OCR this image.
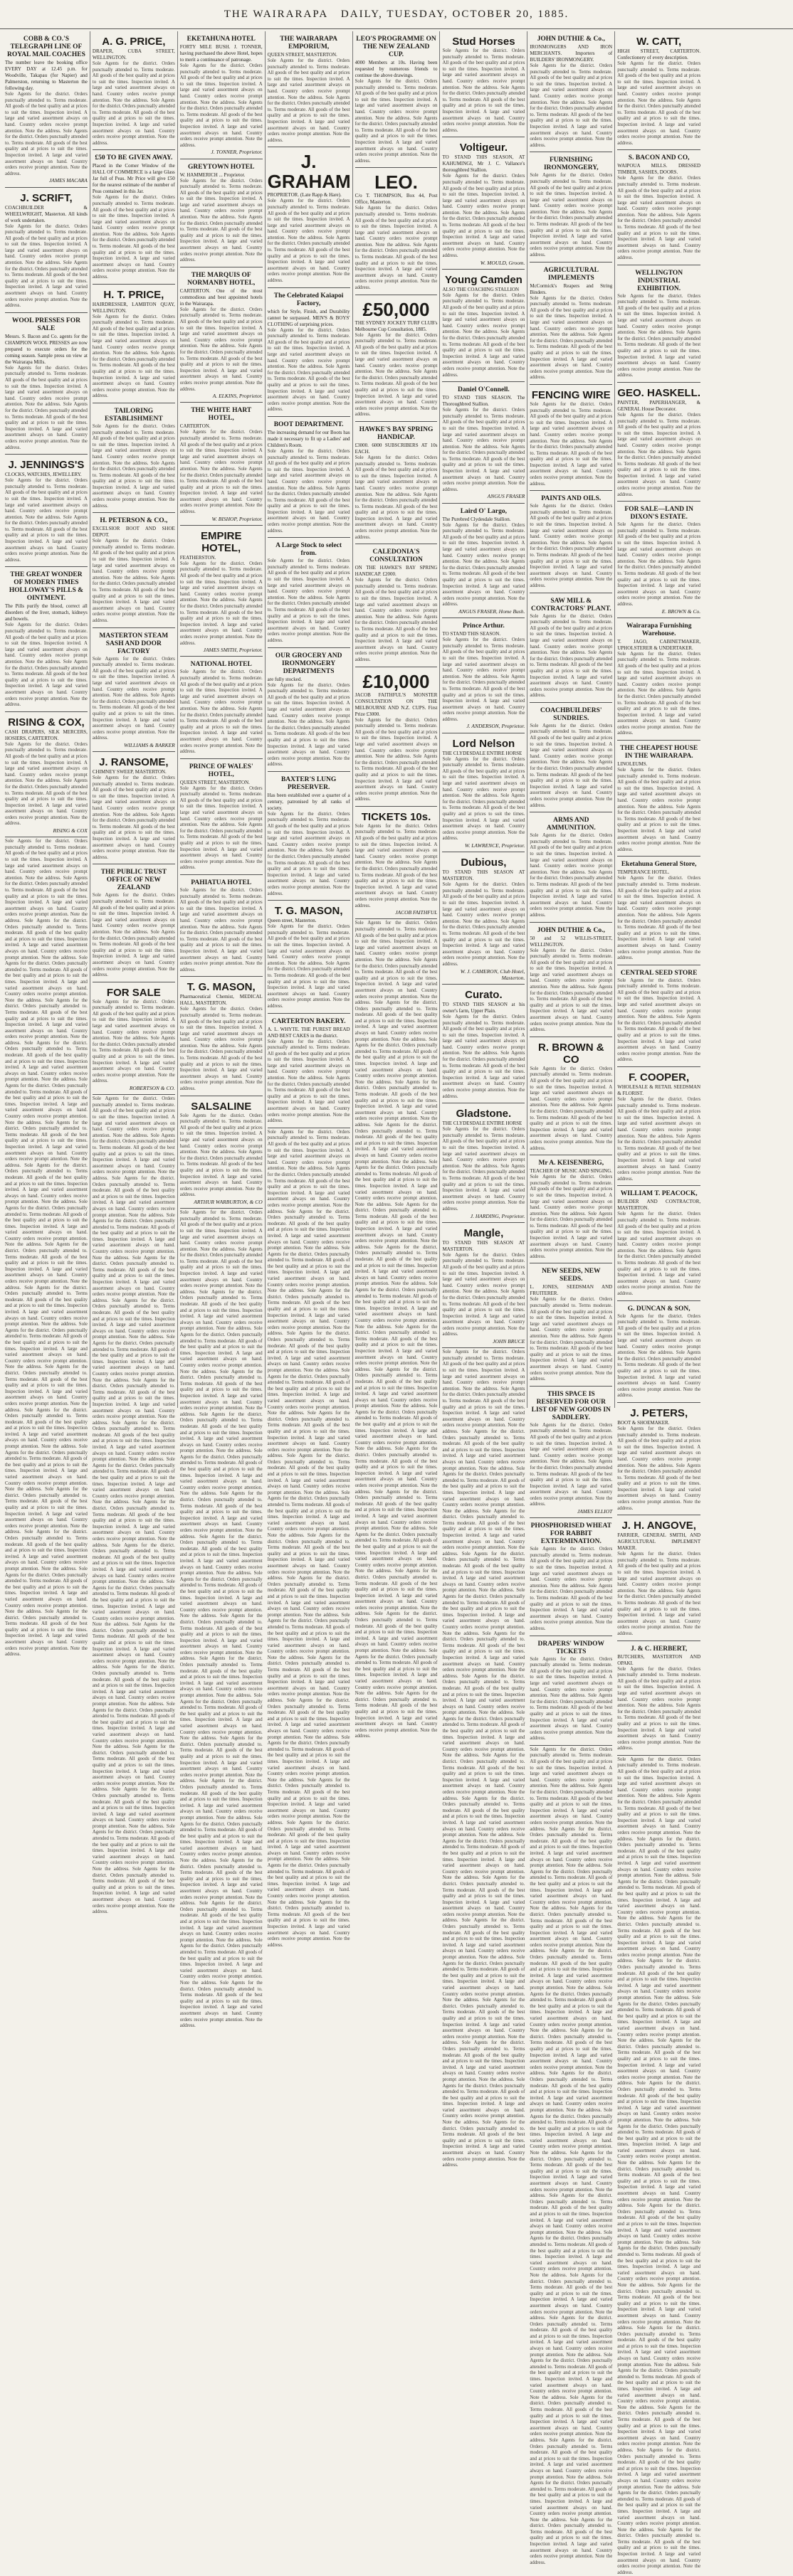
THE WAIRARAPA DAILY, TUESDAY, OCTOBER 20, 1885.
COBB & CO.'S TELEGRAPH LINE OF ROYAL MAIL COACHES
The number leave the booking office EVERY DAY at 12.45 p.m. for Woodville, Takapau (for Napier) and Palmerston, returning to Masterton the following day.
Sole Agents for the district. Orders punctually attended to. Terms moderate. All goods of the best quality and at prices to suit the times. Inspection invited. A large and varied assortment always on hand. Country orders receive prompt attention. Note the address. Sole Agents for the district. Orders punctually attended to. Terms moderate. All goods of the best quality and at prices to suit the times. Inspection invited. A large and varied assortment always on hand. Country orders receive prompt attention. Note the address.
JAMES MACARA
J. SCRIFT,
COACHBUILDER & WHEELWRIGHT, Masterton. All kinds of work undertaken.
Sole Agents for the district. Orders punctually attended to. Terms moderate. All goods of the best quality and at prices to suit the times. Inspection invited. A large and varied assortment always on hand. Country orders receive prompt attention. Note the address. Sole Agents for the district. Orders punctually attended to. Terms moderate. All goods of the best quality and at prices to suit the times. Inspection invited. A large and varied assortment always on hand. Country orders receive prompt attention. Note the address.
WOOL PRESSES FOR SALE
Messrs. S. Bacon and Co. agents for the CHAMPION WOOL PRESSES are now prepared to execute orders for the coming season. Sample press on view at the Wairarapa Mills.
Sole Agents for the district. Orders punctually attended to. Terms moderate. All goods of the best quality and at prices to suit the times. Inspection invited. A large and varied assortment always on hand. Country orders receive prompt attention. Note the address. Sole Agents for the district. Orders punctually attended to. Terms moderate. All goods of the best quality and at prices to suit the times. Inspection invited. A large and varied assortment always on hand. Country orders receive prompt attention. Note the address.
J. JENNINGS'S
CLOCKS, WATCHES, JEWELLERY.
Sole Agents for the district. Orders punctually attended to. Terms moderate. All goods of the best quality and at prices to suit the times. Inspection invited. A large and varied assortment always on hand. Country orders receive prompt attention. Note the address. Sole Agents for the district. Orders punctually attended to. Terms moderate. All goods of the best quality and at prices to suit the times. Inspection invited. A large and varied assortment always on hand. Country orders receive prompt attention. Note the address.
THE GREAT WONDER OF MODERN TIMES HOLLOWAY'S PILLS & OINTMENT.
The Pills purify the blood, correct all disorders of the liver, stomach, kidneys and bowels.
Sole Agents for the district. Orders punctually attended to. Terms moderate. All goods of the best quality and at prices to suit the times. Inspection invited. A large and varied assortment always on hand. Country orders receive prompt attention. Note the address. Sole Agents for the district. Orders punctually attended to. Terms moderate. All goods of the best quality and at prices to suit the times. Inspection invited. A large and varied assortment always on hand. Country orders receive prompt attention. Note the address.
RISING & COX,
CASH DRAPERS, SILK MERCERS, HOSIERS, CARTERTON.
Sole Agents for the district. Orders punctually attended to. Terms moderate. All goods of the best quality and at prices to suit the times. Inspection invited. A large and varied assortment always on hand. Country orders receive prompt attention. Note the address. Sole Agents for the district. Orders punctually attended to. Terms moderate. All goods of the best quality and at prices to suit the times. Inspection invited. A large and varied assortment always on hand. Country orders receive prompt attention. Note the address.
RISING & COX
Sole Agents for the district. Orders punctually attended to. Terms moderate. All goods of the best quality and at prices to suit the times. Inspection invited. A large and varied assortment always on hand. Country orders receive prompt attention. Note the address. Sole Agents for the district. Orders punctually attended to. Terms moderate. All goods of the best quality and at prices to suit the times. Inspection invited. A large and varied assortment always on hand. Country orders receive prompt attention. Note the address. Sole Agents for the district. Orders punctually attended to. Terms moderate. All goods of the best quality and at prices to suit the times. Inspection invited. A large and varied assortment always on hand. Country orders receive prompt attention. Note the address. Sole Agents for the district. Orders punctually attended to. Terms moderate. All goods of the best quality and at prices to suit the times. Inspection invited. A large and varied assortment always on hand. Country orders receive prompt attention. Note the address. Sole Agents for the district. Orders punctually attended to. Terms moderate. All goods of the best quality and at prices to suit the times. Inspection invited. A large and varied assortment always on hand. Country orders receive prompt attention. Note the address. Sole Agents for the district. Orders punctually attended to. Terms moderate. All goods of the best quality and at prices to suit the times. Inspection invited. A large and varied assortment always on hand. Country orders receive prompt attention. Note the address. Sole Agents for the district. Orders punctually attended to. Terms moderate. All goods of the best quality and at prices to suit the times. Inspection invited. A large and varied assortment always on hand. Country orders receive prompt attention. Note the address. Sole Agents for the district. Orders punctually attended to. Terms moderate. All goods of the best quality and at prices to suit the times. Inspection invited. A large and varied assortment always on hand. Country orders receive prompt attention. Note the address. Sole Agents for the district. Orders punctually attended to. Terms moderate. All goods of the best quality and at prices to suit the times. Inspection invited. A large and varied assortment always on hand. Country orders receive prompt attention. Note the address. Sole Agents for the district. Orders punctually attended to. Terms moderate. All goods of the best quality and at prices to suit the times. Inspection invited. A large and varied assortment always on hand. Country orders receive prompt attention. Note the address. Sole Agents for the district. Orders punctually attended to. Terms moderate. All goods of the best quality and at prices to suit the times. Inspection invited. A large and varied assortment always on hand. Country orders receive prompt attention. Note the address. Sole Agents for the district. Orders punctually attended to. Terms moderate. All goods of the best quality and at prices to suit the times. Inspection invited. A large and varied assortment always on hand. Country orders receive prompt attention. Note the address. Sole Agents for the district. Orders punctually attended to. Terms moderate. All goods of the best quality and at prices to suit the times. Inspection invited. A large and varied assortment always on hand. Country orders receive prompt attention. Note the address. Sole Agents for the district. Orders punctually attended to. Terms moderate. All goods of the best quality and at prices to suit the times. Inspection invited. A large and varied assortment always on hand. Country orders receive prompt attention. Note the address. Sole Agents for the district. Orders punctually attended to. Terms moderate. All goods of the best quality and at prices to suit the times. Inspection invited. A large and varied assortment always on hand. Country orders receive prompt attention. Note the address. Sole Agents for the district. Orders punctually attended to. Terms moderate. All goods of the best quality and at prices to suit the times. Inspection invited. A large and varied assortment always on hand. Country orders receive prompt attention. Note the address. Sole Agents for the district. Orders punctually attended to. Terms moderate. All goods of the best quality and at prices to suit the times. Inspection invited. A large and varied assortment always on hand. Country orders receive prompt attention. Note the address. Sole Agents for the district. Orders punctually attended to. Terms moderate. All goods of the best quality and at prices to suit the times. Inspection invited. A large and varied assortment always on hand. Country orders receive prompt attention. Note the address. Sole Agents for the district. Orders punctually attended to. Terms moderate. All goods of the best quality and at prices to suit the times. Inspection invited. A large and varied assortment always on hand. Country orders receive prompt attention. Note the address. Sole Agents for the district. Orders punctually attended to. Terms moderate. All goods of the best quality and at prices to suit the times. Inspection invited. A large and varied assortment always on hand. Country orders receive prompt attention. Note the address.
A. G. PRICE,
DRAPER, CUBA STREET, WELLINGTON.
Sole Agents for the district. Orders punctually attended to. Terms moderate. All goods of the best quality and at prices to suit the times. Inspection invited. A large and varied assortment always on hand. Country orders receive prompt attention. Note the address. Sole Agents for the district. Orders punctually attended to. Terms moderate. All goods of the best quality and at prices to suit the times. Inspection invited. A large and varied assortment always on hand. Country orders receive prompt attention. Note the address.
£50 TO BE GIVEN AWAY.
Placed in the Corner Window of the HALL OF COMMERCE is a large Glass Jar full of Peas. Mr Price will give £50 for the nearest estimate of the number of Peas contained in this Jar.
Sole Agents for the district. Orders punctually attended to. Terms moderate. All goods of the best quality and at prices to suit the times. Inspection invited. A large and varied assortment always on hand. Country orders receive prompt attention. Note the address. Sole Agents for the district. Orders punctually attended to. Terms moderate. All goods of the best quality and at prices to suit the times. Inspection invited. A large and varied assortment always on hand. Country orders receive prompt attention. Note the address.
H. T. PRICE,
HAIRDRESSER, LAMBTON QUAY, WELLINGTON.
Sole Agents for the district. Orders punctually attended to. Terms moderate. All goods of the best quality and at prices to suit the times. Inspection invited. A large and varied assortment always on hand. Country orders receive prompt attention. Note the address. Sole Agents for the district. Orders punctually attended to. Terms moderate. All goods of the best quality and at prices to suit the times. Inspection invited. A large and varied assortment always on hand. Country orders receive prompt attention. Note the address.
TAILORING ESTABLISHMENT
Sole Agents for the district. Orders punctually attended to. Terms moderate. All goods of the best quality and at prices to suit the times. Inspection invited. A large and varied assortment always on hand. Country orders receive prompt attention. Note the address. Sole Agents for the district. Orders punctually attended to. Terms moderate. All goods of the best quality and at prices to suit the times. Inspection invited. A large and varied assortment always on hand. Country orders receive prompt attention. Note the address.
H. PETERSON & CO.,
EXCELSIOR BOOT AND SHOE DEPOT.
Sole Agents for the district. Orders punctually attended to. Terms moderate. All goods of the best quality and at prices to suit the times. Inspection invited. A large and varied assortment always on hand. Country orders receive prompt attention. Note the address. Sole Agents for the district. Orders punctually attended to. Terms moderate. All goods of the best quality and at prices to suit the times. Inspection invited. A large and varied assortment always on hand. Country orders receive prompt attention. Note the address.
MASTERTON STEAM SASH AND DOOR FACTORY
Sole Agents for the district. Orders punctually attended to. Terms moderate. All goods of the best quality and at prices to suit the times. Inspection invited. A large and varied assortment always on hand. Country orders receive prompt attention. Note the address. Sole Agents for the district. Orders punctually attended to. Terms moderate. All goods of the best quality and at prices to suit the times. Inspection invited. A large and varied assortment always on hand. Country orders receive prompt attention. Note the address.
WILLIAMS & BARKER
J. RANSOME,
CHIMNEY SWEEP, MASTERTON.
Sole Agents for the district. Orders punctually attended to. Terms moderate. All goods of the best quality and at prices to suit the times. Inspection invited. A large and varied assortment always on hand. Country orders receive prompt attention. Note the address. Sole Agents for the district. Orders punctually attended to. Terms moderate. All goods of the best quality and at prices to suit the times. Inspection invited. A large and varied assortment always on hand. Country orders receive prompt attention. Note the address.
THE PUBLIC TRUST OFFICE OF NEW ZEALAND
Sole Agents for the district. Orders punctually attended to. Terms moderate. All goods of the best quality and at prices to suit the times. Inspection invited. A large and varied assortment always on hand. Country orders receive prompt attention. Note the address. Sole Agents for the district. Orders punctually attended to. Terms moderate. All goods of the best quality and at prices to suit the times. Inspection invited. A large and varied assortment always on hand. Country orders receive prompt attention. Note the address.
FOR SALE
Sole Agents for the district. Orders punctually attended to. Terms moderate. All goods of the best quality and at prices to suit the times. Inspection invited. A large and varied assortment always on hand. Country orders receive prompt attention. Note the address. Sole Agents for the district. Orders punctually attended to. Terms moderate. All goods of the best quality and at prices to suit the times. Inspection invited. A large and varied assortment always on hand. Country orders receive prompt attention. Note the address.
ROBERTSON & CO.
Sole Agents for the district. Orders punctually attended to. Terms moderate. All goods of the best quality and at prices to suit the times. Inspection invited. A large and varied assortment always on hand. Country orders receive prompt attention. Note the address. Sole Agents for the district. Orders punctually attended to. Terms moderate. All goods of the best quality and at prices to suit the times. Inspection invited. A large and varied assortment always on hand. Country orders receive prompt attention. Note the address. Sole Agents for the district. Orders punctually attended to. Terms moderate. All goods of the best quality and at prices to suit the times. Inspection invited. A large and varied assortment always on hand. Country orders receive prompt attention. Note the address. Sole Agents for the district. Orders punctually attended to. Terms moderate. All goods of the best quality and at prices to suit the times. Inspection invited. A large and varied assortment always on hand. Country orders receive prompt attention. Note the address. Sole Agents for the district. Orders punctually attended to. Terms moderate. All goods of the best quality and at prices to suit the times. Inspection invited. A large and varied assortment always on hand. Country orders receive prompt attention. Note the address. Sole Agents for the district. Orders punctually attended to. Terms moderate. All goods of the best quality and at prices to suit the times. Inspection invited. A large and varied assortment always on hand. Country orders receive prompt attention. Note the address. Sole Agents for the district. Orders punctually attended to. Terms moderate. All goods of the best quality and at prices to suit the times. Inspection invited. A large and varied assortment always on hand. Country orders receive prompt attention. Note the address. Sole Agents for the district. Orders punctually attended to. Terms moderate. All goods of the best quality and at prices to suit the times. Inspection invited. A large and varied assortment always on hand. Country orders receive prompt attention. Note the address. Sole Agents for the district. Orders punctually attended to. Terms moderate. All goods of the best quality and at prices to suit the times. Inspection invited. A large and varied assortment always on hand. Country orders receive prompt attention. Note the address. Sole Agents for the district. Orders punctually attended to. Terms moderate. All goods of the best quality and at prices to suit the times. Inspection invited. A large and varied assortment always on hand. Country orders receive prompt attention. Note the address. Sole Agents for the district. Orders punctually attended to. Terms moderate. All goods of the best quality and at prices to suit the times. Inspection invited. A large and varied assortment always on hand. Country orders receive prompt attention. Note the address. Sole Agents for the district. Orders punctually attended to. Terms moderate. All goods of the best quality and at prices to suit the times. Inspection invited. A large and varied assortment always on hand. Country orders receive prompt attention. Note the address. Sole Agents for the district. Orders punctually attended to. Terms moderate. All goods of the best quality and at prices to suit the times. Inspection invited. A large and varied assortment always on hand. Country orders receive prompt attention. Note the address. Sole Agents for the district. Orders punctually attended to. Terms moderate. All goods of the best quality and at prices to suit the times. Inspection invited. A large and varied assortment always on hand. Country orders receive prompt attention. Note the address. Sole Agents for the district. Orders punctually attended to. Terms moderate. All goods of the best quality and at prices to suit the times. Inspection invited. A large and varied assortment always on hand. Country orders receive prompt attention. Note the address. Sole Agents for the district. Orders punctually attended to. Terms moderate. All goods of the best quality and at prices to suit the times. Inspection invited. A large and varied assortment always on hand. Country orders receive prompt attention. Note the address. Sole Agents for the district. Orders punctually attended to. Terms moderate. All goods of the best quality and at prices to suit the times. Inspection invited. A large and varied assortment always on hand. Country orders receive prompt attention. Note the address. Sole Agents for the district. Orders punctually attended to. Terms moderate. All goods of the best quality and at prices to suit the times. Inspection invited. A large and varied assortment always on hand. Country orders receive prompt attention. Note the address. Sole Agents for the district. Orders punctually attended to. Terms moderate. All goods of the best quality and at prices to suit the times. Inspection invited. A large and varied assortment always on hand. Country orders receive prompt attention. Note the address. Sole Agents for the district. Orders punctually attended to. Terms moderate. All goods of the best quality and at prices to suit the times. Inspection invited. A large and varied assortment always on hand. Country orders receive prompt attention. Note the address.
EKETAHUNA HOTEL
FORTY MILE BUSH. J. TONNER, having purchased the above Hotel, hopes to merit a continuance of patronage.
Sole Agents for the district. Orders punctually attended to. Terms moderate. All goods of the best quality and at prices to suit the times. Inspection invited. A large and varied assortment always on hand. Country orders receive prompt attention. Note the address. Sole Agents for the district. Orders punctually attended to. Terms moderate. All goods of the best quality and at prices to suit the times. Inspection invited. A large and varied assortment always on hand. Country orders receive prompt attention. Note the address.
J. TONNER, Proprietor.
GREYTOWN HOTEL
W. HAMMERICH ... Proprietor.
Sole Agents for the district. Orders punctually attended to. Terms moderate. All goods of the best quality and at prices to suit the times. Inspection invited. A large and varied assortment always on hand. Country orders receive prompt attention. Note the address. Sole Agents for the district. Orders punctually attended to. Terms moderate. All goods of the best quality and at prices to suit the times. Inspection invited. A large and varied assortment always on hand. Country orders receive prompt attention. Note the address.
THE MARQUIS OF NORMANBY HOTEL,
CARTERTON. One of the most commodious and best appointed hotels in the Wairarapa.
Sole Agents for the district. Orders punctually attended to. Terms moderate. All goods of the best quality and at prices to suit the times. Inspection invited. A large and varied assortment always on hand. Country orders receive prompt attention. Note the address. Sole Agents for the district. Orders punctually attended to. Terms moderate. All goods of the best quality and at prices to suit the times. Inspection invited. A large and varied assortment always on hand. Country orders receive prompt attention. Note the address.
A. ELKINS, Proprietor.
THE WHITE HART HOTEL,
CARTERTON.
Sole Agents for the district. Orders punctually attended to. Terms moderate. All goods of the best quality and at prices to suit the times. Inspection invited. A large and varied assortment always on hand. Country orders receive prompt attention. Note the address. Sole Agents for the district. Orders punctually attended to. Terms moderate. All goods of the best quality and at prices to suit the times. Inspection invited. A large and varied assortment always on hand. Country orders receive prompt attention. Note the address.
W. BISHOP, Proprietor.
EMPIRE HOTEL,
FEATHERSTON.
Sole Agents for the district. Orders punctually attended to. Terms moderate. All goods of the best quality and at prices to suit the times. Inspection invited. A large and varied assortment always on hand. Country orders receive prompt attention. Note the address. Sole Agents for the district. Orders punctually attended to. Terms moderate. All goods of the best quality and at prices to suit the times. Inspection invited. A large and varied assortment always on hand. Country orders receive prompt attention. Note the address.
JAMES SMITH, Proprietor.
NATIONAL HOTEL
Sole Agents for the district. Orders punctually attended to. Terms moderate. All goods of the best quality and at prices to suit the times. Inspection invited. A large and varied assortment always on hand. Country orders receive prompt attention. Note the address. Sole Agents for the district. Orders punctually attended to. Terms moderate. All goods of the best quality and at prices to suit the times. Inspection invited. A large and varied assortment always on hand. Country orders receive prompt attention. Note the address.
PRINCE OF WALES' HOTEL,
QUEEN STREET, MASTERTON.
Sole Agents for the district. Orders punctually attended to. Terms moderate. All goods of the best quality and at prices to suit the times. Inspection invited. A large and varied assortment always on hand. Country orders receive prompt attention. Note the address. Sole Agents for the district. Orders punctually attended to. Terms moderate. All goods of the best quality and at prices to suit the times. Inspection invited. A large and varied assortment always on hand. Country orders receive prompt attention. Note the address.
PAHIATUA HOTEL
Sole Agents for the district. Orders punctually attended to. Terms moderate. All goods of the best quality and at prices to suit the times. Inspection invited. A large and varied assortment always on hand. Country orders receive prompt attention. Note the address. Sole Agents for the district. Orders punctually attended to. Terms moderate. All goods of the best quality and at prices to suit the times. Inspection invited. A large and varied assortment always on hand. Country orders receive prompt attention. Note the address.
T. G. MASON,
Pharmaceutical Chemist, MEDICAL HALL, MASTERTON.
Sole Agents for the district. Orders punctually attended to. Terms moderate. All goods of the best quality and at prices to suit the times. Inspection invited. A large and varied assortment always on hand. Country orders receive prompt attention. Note the address. Sole Agents for the district. Orders punctually attended to. Terms moderate. All goods of the best quality and at prices to suit the times. Inspection invited. A large and varied assortment always on hand. Country orders receive prompt attention. Note the address.
SALSALINE
Sole Agents for the district. Orders punctually attended to. Terms moderate. All goods of the best quality and at prices to suit the times. Inspection invited. A large and varied assortment always on hand. Country orders receive prompt attention. Note the address. Sole Agents for the district. Orders punctually attended to. Terms moderate. All goods of the best quality and at prices to suit the times. Inspection invited. A large and varied assortment always on hand. Country orders receive prompt attention. Note the address.
ARTHUR WARBURTON, & CO
Sole Agents for the district. Orders punctually attended to. Terms moderate. All goods of the best quality and at prices to suit the times. Inspection invited. A large and varied assortment always on hand. Country orders receive prompt attention. Note the address. Sole Agents for the district. Orders punctually attended to. Terms moderate. All goods of the best quality and at prices to suit the times. Inspection invited. A large and varied assortment always on hand. Country orders receive prompt attention. Note the address. Sole Agents for the district. Orders punctually attended to. Terms moderate. All goods of the best quality and at prices to suit the times. Inspection invited. A large and varied assortment always on hand. Country orders receive prompt attention. Note the address. Sole Agents for the district. Orders punctually attended to. Terms moderate. All goods of the best quality and at prices to suit the times. Inspection invited. A large and varied assortment always on hand. Country orders receive prompt attention. Note the address. Sole Agents for the district. Orders punctually attended to. Terms moderate. All goods of the best quality and at prices to suit the times. Inspection invited. A large and varied assortment always on hand. Country orders receive prompt attention. Note the address. Sole Agents for the district. Orders punctually attended to. Terms moderate. All goods of the best quality and at prices to suit the times. Inspection invited. A large and varied assortment always on hand. Country orders receive prompt attention. Note the address. Sole Agents for the district. Orders punctually attended to. Terms moderate. All goods of the best quality and at prices to suit the times. Inspection invited. A large and varied assortment always on hand. Country orders receive prompt attention. Note the address. Sole Agents for the district. Orders punctually attended to. Terms moderate. All goods of the best quality and at prices to suit the times. Inspection invited. A large and varied assortment always on hand. Country orders receive prompt attention. Note the address. Sole Agents for the district. Orders punctually attended to. Terms moderate. All goods of the best quality and at prices to suit the times. Inspection invited. A large and varied assortment always on hand. Country orders receive prompt attention. Note the address. Sole Agents for the district. Orders punctually attended to. Terms moderate. All goods of the best quality and at prices to suit the times. Inspection invited. A large and varied assortment always on hand. Country orders receive prompt attention. Note the address. Sole Agents for the district. Orders punctually attended to. Terms moderate. All goods of the best quality and at prices to suit the times. Inspection invited. A large and varied assortment always on hand. Country orders receive prompt attention. Note the address. Sole Agents for the district. Orders punctually attended to. Terms moderate. All goods of the best quality and at prices to suit the times. Inspection invited. A large and varied assortment always on hand. Country orders receive prompt attention. Note the address. Sole Agents for the district. Orders punctually attended to. Terms moderate. All goods of the best quality and at prices to suit the times. Inspection invited. A large and varied assortment always on hand. Country orders receive prompt attention. Note the address. Sole Agents for the district. Orders punctually attended to. Terms moderate. All goods of the best quality and at prices to suit the times. Inspection invited. A large and varied assortment always on hand. Country orders receive prompt attention. Note the address. Sole Agents for the district. Orders punctually attended to. Terms moderate. All goods of the best quality and at prices to suit the times. Inspection invited. A large and varied assortment always on hand. Country orders receive prompt attention. Note the address. Sole Agents for the district. Orders punctually attended to. Terms moderate. All goods of the best quality and at prices to suit the times. Inspection invited. A large and varied assortment always on hand. Country orders receive prompt attention. Note the address. Sole Agents for the district. Orders punctually attended to. Terms moderate. All goods of the best quality and at prices to suit the times. Inspection invited. A large and varied assortment always on hand. Country orders receive prompt attention. Note the address. Sole Agents for the district. Orders punctually attended to. Terms moderate. All goods of the best quality and at prices to suit the times. Inspection invited. A large and varied assortment always on hand. Country orders receive prompt attention. Note the address. Sole Agents for the district. Orders punctually attended to. Terms moderate. All goods of the best quality and at prices to suit the times. Inspection invited. A large and varied assortment always on hand. Country orders receive prompt attention. Note the address. Sole Agents for the district. Orders punctually attended to. Terms moderate. All goods of the best quality and at prices to suit the times. Inspection invited. A large and varied assortment always on hand. Country orders receive prompt attention. Note the address.
THE WAIRARAPA EMPORIUM,
QUEEN STREET, MASTERTON.
Sole Agents for the district. Orders punctually attended to. Terms moderate. All goods of the best quality and at prices to suit the times. Inspection invited. A large and varied assortment always on hand. Country orders receive prompt attention. Note the address. Sole Agents for the district. Orders punctually attended to. Terms moderate. All goods of the best quality and at prices to suit the times. Inspection invited. A large and varied assortment always on hand. Country orders receive prompt attention. Note the address.
J. GRAHAM
PROPRIETOR. (Late Rapp & Hare).
Sole Agents for the district. Orders punctually attended to. Terms moderate. All goods of the best quality and at prices to suit the times. Inspection invited. A large and varied assortment always on hand. Country orders receive prompt attention. Note the address. Sole Agents for the district. Orders punctually attended to. Terms moderate. All goods of the best quality and at prices to suit the times. Inspection invited. A large and varied assortment always on hand. Country orders receive prompt attention. Note the address.
The Celebrated Kaiapoi Factory,
which for Style, Finish, and Durability cannot be surpassed. MEN'S & BOYS' CLOTHING of surprising prices.
Sole Agents for the district. Orders punctually attended to. Terms moderate. All goods of the best quality and at prices to suit the times. Inspection invited. A large and varied assortment always on hand. Country orders receive prompt attention. Note the address. Sole Agents for the district. Orders punctually attended to. Terms moderate. All goods of the best quality and at prices to suit the times. Inspection invited. A large and varied assortment always on hand. Country orders receive prompt attention. Note the address.
BOOT DEPARTMENT.
The increasing demand for our Boots has made it necessary to fit up a Ladies' and Children's Room.
Sole Agents for the district. Orders punctually attended to. Terms moderate. All goods of the best quality and at prices to suit the times. Inspection invited. A large and varied assortment always on hand. Country orders receive prompt attention. Note the address. Sole Agents for the district. Orders punctually attended to. Terms moderate. All goods of the best quality and at prices to suit the times. Inspection invited. A large and varied assortment always on hand. Country orders receive prompt attention. Note the address.
A Large Stock to select from.
Sole Agents for the district. Orders punctually attended to. Terms moderate. All goods of the best quality and at prices to suit the times. Inspection invited. A large and varied assortment always on hand. Country orders receive prompt attention. Note the address. Sole Agents for the district. Orders punctually attended to. Terms moderate. All goods of the best quality and at prices to suit the times. Inspection invited. A large and varied assortment always on hand. Country orders receive prompt attention. Note the address.
OUR GROCERY AND IRONMONGERY DEPARTMENTS
are fully stocked.
Sole Agents for the district. Orders punctually attended to. Terms moderate. All goods of the best quality and at prices to suit the times. Inspection invited. A large and varied assortment always on hand. Country orders receive prompt attention. Note the address. Sole Agents for the district. Orders punctually attended to. Terms moderate. All goods of the best quality and at prices to suit the times. Inspection invited. A large and varied assortment always on hand. Country orders receive prompt attention. Note the address.
BAXTER'S LUNG PRESERVER.
Has been established over a quarter of a century, patronised by all ranks of society.
Sole Agents for the district. Orders punctually attended to. Terms moderate. All goods of the best quality and at prices to suit the times. Inspection invited. A large and varied assortment always on hand. Country orders receive prompt attention. Note the address. Sole Agents for the district. Orders punctually attended to. Terms moderate. All goods of the best quality and at prices to suit the times. Inspection invited. A large and varied assortment always on hand. Country orders receive prompt attention. Note the address.
T. G. MASON,
Queen street, Masterton.
Sole Agents for the district. Orders punctually attended to. Terms moderate. All goods of the best quality and at prices to suit the times. Inspection invited. A large and varied assortment always on hand. Country orders receive prompt attention. Note the address. Sole Agents for the district. Orders punctually attended to. Terms moderate. All goods of the best quality and at prices to suit the times. Inspection invited. A large and varied assortment always on hand. Country orders receive prompt attention. Note the address.
CARTERTON BAKERY.
A. L. WHYTE. THE PUREST BREAD AND BEST CAKES in the district.
Sole Agents for the district. Orders punctually attended to. Terms moderate. All goods of the best quality and at prices to suit the times. Inspection invited. A large and varied assortment always on hand. Country orders receive prompt attention. Note the address. Sole Agents for the district. Orders punctually attended to. Terms moderate. All goods of the best quality and at prices to suit the times. Inspection invited. A large and varied assortment always on hand. Country orders receive prompt attention. Note the address.
Sole Agents for the district. Orders punctually attended to. Terms moderate. All goods of the best quality and at prices to suit the times. Inspection invited. A large and varied assortment always on hand. Country orders receive prompt attention. Note the address. Sole Agents for the district. Orders punctually attended to. Terms moderate. All goods of the best quality and at prices to suit the times. Inspection invited. A large and varied assortment always on hand. Country orders receive prompt attention. Note the address. Sole Agents for the district. Orders punctually attended to. Terms moderate. All goods of the best quality and at prices to suit the times. Inspection invited. A large and varied assortment always on hand. Country orders receive prompt attention. Note the address. Sole Agents for the district. Orders punctually attended to. Terms moderate. All goods of the best quality and at prices to suit the times. Inspection invited. A large and varied assortment always on hand. Country orders receive prompt attention. Note the address. Sole Agents for the district. Orders punctually attended to. Terms moderate. All goods of the best quality and at prices to suit the times. Inspection invited. A large and varied assortment always on hand. Country orders receive prompt attention. Note the address. Sole Agents for the district. Orders punctually attended to. Terms moderate. All goods of the best quality and at prices to suit the times. Inspection invited. A large and varied assortment always on hand. Country orders receive prompt attention. Note the address. Sole Agents for the district. Orders punctually attended to. Terms moderate. All goods of the best quality and at prices to suit the times. Inspection invited. A large and varied assortment always on hand. Country orders receive prompt attention. Note the address. Sole Agents for the district. Orders punctually attended to. Terms moderate. All goods of the best quality and at prices to suit the times. Inspection invited. A large and varied assortment always on hand. Country orders receive prompt attention. Note the address. Sole Agents for the district. Orders punctually attended to. Terms moderate. All goods of the best quality and at prices to suit the times. Inspection invited. A large and varied assortment always on hand. Country orders receive prompt attention. Note the address. Sole Agents for the district. Orders punctually attended to. Terms moderate. All goods of the best quality and at prices to suit the times. Inspection invited. A large and varied assortment always on hand. Country orders receive prompt attention. Note the address. Sole Agents for the district. Orders punctually attended to. Terms moderate. All goods of the best quality and at prices to suit the times. Inspection invited. A large and varied assortment always on hand. Country orders receive prompt attention. Note the address. Sole Agents for the district. Orders punctually attended to. Terms moderate. All goods of the best quality and at prices to suit the times. Inspection invited. A large and varied assortment always on hand. Country orders receive prompt attention. Note the address. Sole Agents for the district. Orders punctually attended to. Terms moderate. All goods of the best quality and at prices to suit the times. Inspection invited. A large and varied assortment always on hand. Country orders receive prompt attention. Note the address. Sole Agents for the district. Orders punctually attended to. Terms moderate. All goods of the best quality and at prices to suit the times. Inspection invited. A large and varied assortment always on hand. Country orders receive prompt attention. Note the address. Sole Agents for the district. Orders punctually attended to. Terms moderate. All goods of the best quality and at prices to suit the times. Inspection invited. A large and varied assortment always on hand. Country orders receive prompt attention. Note the address. Sole Agents for the district. Orders punctually attended to. Terms moderate. All goods of the best quality and at prices to suit the times. Inspection invited. A large and varied assortment always on hand. Country orders receive prompt attention. Note the address. Sole Agents for the district. Orders punctually attended to. Terms moderate. All goods of the best quality and at prices to suit the times. Inspection invited. A large and varied assortment always on hand. Country orders receive prompt attention. Note the address. Sole Agents for the district. Orders punctually attended to. Terms moderate. All goods of the best quality and at prices to suit the times. Inspection invited. A large and varied assortment always on hand. Country orders receive prompt attention. Note the address. Sole Agents for the district. Orders punctually attended to. Terms moderate. All goods of the best quality and at prices to suit the times. Inspection invited. A large and varied assortment always on hand. Country orders receive prompt attention. Note the address. Sole Agents for the district. Orders punctually attended to. Terms moderate. All goods of the best quality and at prices to suit the times. Inspection invited. A large and varied assortment always on hand. Country orders receive prompt attention. Note the address.
LEO'S PROGRAMME ON THE NEW ZEALAND CUP.
4000 Members at 10s. Having been requested by numerous friends to continue the above drawings.
Sole Agents for the district. Orders punctually attended to. Terms moderate. All goods of the best quality and at prices to suit the times. Inspection invited. A large and varied assortment always on hand. Country orders receive prompt attention. Note the address. Sole Agents for the district. Orders punctually attended to. Terms moderate. All goods of the best quality and at prices to suit the times. Inspection invited. A large and varied assortment always on hand. Country orders receive prompt attention. Note the address.
LEO.
C/o T. THOMPSON, Box 44, Post Office, Masterton.
Sole Agents for the district. Orders punctually attended to. Terms moderate. All goods of the best quality and at prices to suit the times. Inspection invited. A large and varied assortment always on hand. Country orders receive prompt attention. Note the address. Sole Agents for the district. Orders punctually attended to. Terms moderate. All goods of the best quality and at prices to suit the times. Inspection invited. A large and varied assortment always on hand. Country orders receive prompt attention. Note the address.
£50,000
THE SYDNEY JOCKEY TURF CLUB's Melbourne Cup Consultation, 1885.
Sole Agents for the district. Orders punctually attended to. Terms moderate. All goods of the best quality and at prices to suit the times. Inspection invited. A large and varied assortment always on hand. Country orders receive prompt attention. Note the address. Sole Agents for the district. Orders punctually attended to. Terms moderate. All goods of the best quality and at prices to suit the times. Inspection invited. A large and varied assortment always on hand. Country orders receive prompt attention. Note the address.
HAWKE'S BAY SPRING HANDICAP.
£3000. 6000 SUBSCRIBERS AT 10s EACH.
Sole Agents for the district. Orders punctually attended to. Terms moderate. All goods of the best quality and at prices to suit the times. Inspection invited. A large and varied assortment always on hand. Country orders receive prompt attention. Note the address. Sole Agents for the district. Orders punctually attended to. Terms moderate. All goods of the best quality and at prices to suit the times. Inspection invited. A large and varied assortment always on hand. Country orders receive prompt attention. Note the address.
CALEDONIA'S CONSULTATION
ON THE HAWKE'S BAY SPRING HANDICAP. £2000.
Sole Agents for the district. Orders punctually attended to. Terms moderate. All goods of the best quality and at prices to suit the times. Inspection invited. A large and varied assortment always on hand. Country orders receive prompt attention. Note the address. Sole Agents for the district. Orders punctually attended to. Terms moderate. All goods of the best quality and at prices to suit the times. Inspection invited. A large and varied assortment always on hand. Country orders receive prompt attention. Note the address.
£10,000
JACOB FAITHFUL'S MONSTER CONSULTATION ON THE MELBOURNE AND N.Z. CUPS. First Prize £3000.
Sole Agents for the district. Orders punctually attended to. Terms moderate. All goods of the best quality and at prices to suit the times. Inspection invited. A large and varied assortment always on hand. Country orders receive prompt attention. Note the address. Sole Agents for the district. Orders punctually attended to. Terms moderate. All goods of the best quality and at prices to suit the times. Inspection invited. A large and varied assortment always on hand. Country orders receive prompt attention. Note the address.
TICKETS 10s.
Sole Agents for the district. Orders punctually attended to. Terms moderate. All goods of the best quality and at prices to suit the times. Inspection invited. A large and varied assortment always on hand. Country orders receive prompt attention. Note the address. Sole Agents for the district. Orders punctually attended to. Terms moderate. All goods of the best quality and at prices to suit the times. Inspection invited. A large and varied assortment always on hand. Country orders receive prompt attention. Note the address.
JACOB FAITHFUL
Sole Agents for the district. Orders punctually attended to. Terms moderate. All goods of the best quality and at prices to suit the times. Inspection invited. A large and varied assortment always on hand. Country orders receive prompt attention. Note the address. Sole Agents for the district. Orders punctually attended to. Terms moderate. All goods of the best quality and at prices to suit the times. Inspection invited. A large and varied assortment always on hand. Country orders receive prompt attention. Note the address. Sole Agents for the district. Orders punctually attended to. Terms moderate. All goods of the best quality and at prices to suit the times. Inspection invited. A large and varied assortment always on hand. Country orders receive prompt attention. Note the address. Sole Agents for the district. Orders punctually attended to. Terms moderate. All goods of the best quality and at prices to suit the times. Inspection invited. A large and varied assortment always on hand. Country orders receive prompt attention. Note the address. Sole Agents for the district. Orders punctually attended to. Terms moderate. All goods of the best quality and at prices to suit the times. Inspection invited. A large and varied assortment always on hand. Country orders receive prompt attention. Note the address. Sole Agents for the district. Orders punctually attended to. Terms moderate. All goods of the best quality and at prices to suit the times. Inspection invited. A large and varied assortment always on hand. Country orders receive prompt attention. Note the address. Sole Agents for the district. Orders punctually attended to. Terms moderate. All goods of the best quality and at prices to suit the times. Inspection invited. A large and varied assortment always on hand. Country orders receive prompt attention. Note the address. Sole Agents for the district. Orders punctually attended to. Terms moderate. All goods of the best quality and at prices to suit the times. Inspection invited. A large and varied assortment always on hand. Country orders receive prompt attention. Note the address. Sole Agents for the district. Orders punctually attended to. Terms moderate. All goods of the best quality and at prices to suit the times. Inspection invited. A large and varied assortment always on hand. Country orders receive prompt attention. Note the address. Sole Agents for the district. Orders punctually attended to. Terms moderate. All goods of the best quality and at prices to suit the times. Inspection invited. A large and varied assortment always on hand. Country orders receive prompt attention. Note the address. Sole Agents for the district. Orders punctually attended to. Terms moderate. All goods of the best quality and at prices to suit the times. Inspection invited. A large and varied assortment always on hand. Country orders receive prompt attention. Note the address. Sole Agents for the district. Orders punctually attended to. Terms moderate. All goods of the best quality and at prices to suit the times. Inspection invited. A large and varied assortment always on hand. Country orders receive prompt attention. Note the address. Sole Agents for the district. Orders punctually attended to. Terms moderate. All goods of the best quality and at prices to suit the times. Inspection invited. A large and varied assortment always on hand. Country orders receive prompt attention. Note the address. Sole Agents for the district. Orders punctually attended to. Terms moderate. All goods of the best quality and at prices to suit the times. Inspection invited. A large and varied assortment always on hand. Country orders receive prompt attention. Note the address. Sole Agents for the district. Orders punctually attended to. Terms moderate. All goods of the best quality and at prices to suit the times. Inspection invited. A large and varied assortment always on hand. Country orders receive prompt attention. Note the address. Sole Agents for the district. Orders punctually attended to. Terms moderate. All goods of the best quality and at prices to suit the times. Inspection invited. A large and varied assortment always on hand. Country orders receive prompt attention. Note the address. Sole Agents for the district. Orders punctually attended to. Terms moderate. All goods of the best quality and at prices to suit the times. Inspection invited. A large and varied assortment always on hand. Country orders receive prompt attention. Note the address. Sole Agents for the district. Orders punctually attended to. Terms moderate. All goods of the best quality and at prices to suit the times. Inspection invited. A large and varied assortment always on hand. Country orders receive prompt attention. Note the address. Sole Agents for the district. Orders punctually attended to. Terms moderate. All goods of the best quality and at prices to suit the times. Inspection invited. A large and varied assortment always on hand. Country orders receive prompt attention. Note the address. Sole Agents for the district. Orders punctually attended to. Terms moderate. All goods of the best quality and at prices to suit the times. Inspection invited. A large and varied assortment always on hand. Country orders receive prompt attention. Note the address.
Stud Horses
Sole Agents for the district. Orders punctually attended to. Terms moderate. All goods of the best quality and at prices to suit the times. Inspection invited. A large and varied assortment always on hand. Country orders receive prompt attention. Note the address. Sole Agents for the district. Orders punctually attended to. Terms moderate. All goods of the best quality and at prices to suit the times. Inspection invited. A large and varied assortment always on hand. Country orders receive prompt attention. Note the address.
Voltigeur.
TO STAND THIS SEASON, AT KAHUMINGI, Mr J. C. Vallance's thoroughbred Stallion.
Sole Agents for the district. Orders punctually attended to. Terms moderate. All goods of the best quality and at prices to suit the times. Inspection invited. A large and varied assortment always on hand. Country orders receive prompt attention. Note the address. Sole Agents for the district. Orders punctually attended to. Terms moderate. All goods of the best quality and at prices to suit the times. Inspection invited. A large and varied assortment always on hand. Country orders receive prompt attention. Note the address.
W. MOULD, Groom.
Young Camden
ALSO THE COACHING STALLION
Sole Agents for the district. Orders punctually attended to. Terms moderate. All goods of the best quality and at prices to suit the times. Inspection invited. A large and varied assortment always on hand. Country orders receive prompt attention. Note the address. Sole Agents for the district. Orders punctually attended to. Terms moderate. All goods of the best quality and at prices to suit the times. Inspection invited. A large and varied assortment always on hand. Country orders receive prompt attention. Note the address.
Daniel O'Connell.
TO STAND THIS SEASON. The Thoroughbred Stallion.
Sole Agents for the district. Orders punctually attended to. Terms moderate. All goods of the best quality and at prices to suit the times. Inspection invited. A large and varied assortment always on hand. Country orders receive prompt attention. Note the address. Sole Agents for the district. Orders punctually attended to. Terms moderate. All goods of the best quality and at prices to suit the times. Inspection invited. A large and varied assortment always on hand. Country orders receive prompt attention. Note the address.
ANGUS FRASER
Laird O' Largo,
The Purebred Clydesdale Stallion.
Sole Agents for the district. Orders punctually attended to. Terms moderate. All goods of the best quality and at prices to suit the times. Inspection invited. A large and varied assortment always on hand. Country orders receive prompt attention. Note the address. Sole Agents for the district. Orders punctually attended to. Terms moderate. All goods of the best quality and at prices to suit the times. Inspection invited. A large and varied assortment always on hand. Country orders receive prompt attention. Note the address.
ANGUS FRASER, Home Bush.
Prince Arthur.
TO STAND THIS SEASON.
Sole Agents for the district. Orders punctually attended to. Terms moderate. All goods of the best quality and at prices to suit the times. Inspection invited. A large and varied assortment always on hand. Country orders receive prompt attention. Note the address. Sole Agents for the district. Orders punctually attended to. Terms moderate. All goods of the best quality and at prices to suit the times. Inspection invited. A large and varied assortment always on hand. Country orders receive prompt attention. Note the address.
J. ANDERSON, Proprietor.
Lord Nelson
THE CLYDESDALE ENTIRE HORSE
Sole Agents for the district. Orders punctually attended to. Terms moderate. All goods of the best quality and at prices to suit the times. Inspection invited. A large and varied assortment always on hand. Country orders receive prompt attention. Note the address. Sole Agents for the district. Orders punctually attended to. Terms moderate. All goods of the best quality and at prices to suit the times. Inspection invited. A large and varied assortment always on hand. Country orders receive prompt attention. Note the address.
W. LAWRENCE, Proprietor.
Dubious,
TO STAND THIS SEASON AT MASTERTON.
Sole Agents for the district. Orders punctually attended to. Terms moderate. All goods of the best quality and at prices to suit the times. Inspection invited. A large and varied assortment always on hand. Country orders receive prompt attention. Note the address. Sole Agents for the district. Orders punctually attended to. Terms moderate. All goods of the best quality and at prices to suit the times. Inspection invited. A large and varied assortment always on hand. Country orders receive prompt attention. Note the address.
W. J. CAMERON, Club Hotel, Masterton.
Curato.
TO STAND THIS SEASON at his owner's farm, Upper Plain.
Sole Agents for the district. Orders punctually attended to. Terms moderate. All goods of the best quality and at prices to suit the times. Inspection invited. A large and varied assortment always on hand. Country orders receive prompt attention. Note the address. Sole Agents for the district. Orders punctually attended to. Terms moderate. All goods of the best quality and at prices to suit the times. Inspection invited. A large and varied assortment always on hand. Country orders receive prompt attention. Note the address.
Gladstone.
THE CLYDESDALE ENTIRE HORSE
Sole Agents for the district. Orders punctually attended to. Terms moderate. All goods of the best quality and at prices to suit the times. Inspection invited. A large and varied assortment always on hand. Country orders receive prompt attention. Note the address. Sole Agents for the district. Orders punctually attended to. Terms moderate. All goods of the best quality and at prices to suit the times. Inspection invited. A large and varied assortment always on hand. Country orders receive prompt attention. Note the address.
J. HARDING, Proprietor.
Mangle,
TO STAND THIS SEASON AT MASTERTON.
Sole Agents for the district. Orders punctually attended to. Terms moderate. All goods of the best quality and at prices to suit the times. Inspection invited. A large and varied assortment always on hand. Country orders receive prompt attention. Note the address. Sole Agents for the district. Orders punctually attended to. Terms moderate. All goods of the best quality and at prices to suit the times. Inspection invited. A large and varied assortment always on hand. Country orders receive prompt attention. Note the address.
JOHN BRUCE
Sole Agents for the district. Orders punctually attended to. Terms moderate. All goods of the best quality and at prices to suit the times. Inspection invited. A large and varied assortment always on hand. Country orders receive prompt attention. Note the address. Sole Agents for the district. Orders punctually attended to. Terms moderate. All goods of the best quality and at prices to suit the times. Inspection invited. A large and varied assortment always on hand. Country orders receive prompt attention. Note the address. Sole Agents for the district. Orders punctually attended to. Terms moderate. All goods of the best quality and at prices to suit the times. Inspection invited. A large and varied assortment always on hand. Country orders receive prompt attention. Note the address. Sole Agents for the district. Orders punctually attended to. Terms moderate. All goods of the best quality and at prices to suit the times. Inspection invited. A large and varied assortment always on hand. Country orders receive prompt attention. Note the address. Sole Agents for the district. Orders punctually attended to. Terms moderate. All goods of the best quality and at prices to suit the times. Inspection invited. A large and varied assortment always on hand. Country orders receive prompt attention. Note the address. Sole Agents for the district. Orders punctually attended to. Terms moderate. All goods of the best quality and at prices to suit the times. Inspection invited. A large and varied assortment always on hand. Country orders receive prompt attention. Note the address. Sole Agents for the district. Orders punctually attended to. Terms moderate. All goods of the best quality and at prices to suit the times. Inspection invited. A large and varied assortment always on hand. Country orders receive prompt attention. Note the address. Sole Agents for the district. Orders punctually attended to. Terms moderate. All goods of the best quality and at prices to suit the times. Inspection invited. A large and varied assortment always on hand. Country orders receive prompt attention. Note the address. Sole Agents for the district. Orders punctually attended to. Terms moderate. All goods of the best quality and at prices to suit the times. Inspection invited. A large and varied assortment always on hand. Country orders receive prompt attention. Note the address. Sole Agents for the district. Orders punctually attended to. Terms moderate. All goods of the best quality and at prices to suit the times. Inspection invited. A large and varied assortment always on hand. Country orders receive prompt attention. Note the address. Sole Agents for the district. Orders punctually attended to. Terms moderate. All goods of the best quality and at prices to suit the times. Inspection invited. A large and varied assortment always on hand. Country orders receive prompt attention. Note the address. Sole Agents for the district. Orders punctually attended to. Terms moderate. All goods of the best quality and at prices to suit the times. Inspection invited. A large and varied assortment always on hand. Country orders receive prompt attention. Note the address. Sole Agents for the district. Orders punctually attended to. Terms moderate. All goods of the best quality and at prices to suit the times. Inspection invited. A large and varied assortment always on hand. Country orders receive prompt attention. Note the address. Sole Agents for the district. Orders punctually attended to. Terms moderate. All goods of the best quality and at prices to suit the times. Inspection invited. A large and varied assortment always on hand. Country orders receive prompt attention. Note the address. Sole Agents for the district. Orders punctually attended to. Terms moderate. All goods of the best quality and at prices to suit the times. Inspection invited. A large and varied assortment always on hand. Country orders receive prompt attention. Note the address. Sole Agents for the district. Orders punctually attended to. Terms moderate. All goods of the best quality and at prices to suit the times. Inspection invited. A large and varied assortment always on hand. Country orders receive prompt attention. Note the address. Sole Agents for the district. Orders punctually attended to. Terms moderate. All goods of the best quality and at prices to suit the times. Inspection invited. A large and varied assortment always on hand. Country orders receive prompt attention. Note the address. Sole Agents for the district. Orders punctually attended to. Terms moderate. All goods of the best quality and at prices to suit the times. Inspection invited. A large and varied assortment always on hand. Country orders receive prompt attention. Note the address. Sole Agents for the district. Orders punctually attended to. Terms moderate. All goods of the best quality and at prices to suit the times. Inspection invited. A large and varied assortment always on hand. Country orders receive prompt attention. Note the address. Sole Agents for the district. Orders punctually attended to. Terms moderate. All goods of the best quality and at prices to suit the times. Inspection invited. A large and varied assortment always on hand. Country orders receive prompt attention. Note the address.
JOHN DUTHIE & Co.,
IRONMONGERS AND IRON MERCHANTS. Importers of BUILDERS' IRONMONGERY.
Sole Agents for the district. Orders punctually attended to. Terms moderate. All goods of the best quality and at prices to suit the times. Inspection invited. A large and varied assortment always on hand. Country orders receive prompt attention. Note the address. Sole Agents for the district. Orders punctually attended to. Terms moderate. All goods of the best quality and at prices to suit the times. Inspection invited. A large and varied assortment always on hand. Country orders receive prompt attention. Note the address.
FURNISHING IRONMONGERY,
Sole Agents for the district. Orders punctually attended to. Terms moderate. All goods of the best quality and at prices to suit the times. Inspection invited. A large and varied assortment always on hand. Country orders receive prompt attention. Note the address. Sole Agents for the district. Orders punctually attended to. Terms moderate. All goods of the best quality and at prices to suit the times. Inspection invited. A large and varied assortment always on hand. Country orders receive prompt attention. Note the address.
AGRICULTURAL IMPLEMENTS
McCormick's Reapers and String Binders.
Sole Agents for the district. Orders punctually attended to. Terms moderate. All goods of the best quality and at prices to suit the times. Inspection invited. A large and varied assortment always on hand. Country orders receive prompt attention. Note the address. Sole Agents for the district. Orders punctually attended to. Terms moderate. All goods of the best quality and at prices to suit the times. Inspection invited. A large and varied assortment always on hand. Country orders receive prompt attention. Note the address.
FENCING WIRE
Sole Agents for the district. Orders punctually attended to. Terms moderate. All goods of the best quality and at prices to suit the times. Inspection invited. A large and varied assortment always on hand. Country orders receive prompt attention. Note the address. Sole Agents for the district. Orders punctually attended to. Terms moderate. All goods of the best quality and at prices to suit the times. Inspection invited. A large and varied assortment always on hand. Country orders receive prompt attention. Note the address.
PAINTS AND OILS.
Sole Agents for the district. Orders punctually attended to. Terms moderate. All goods of the best quality and at prices to suit the times. Inspection invited. A large and varied assortment always on hand. Country orders receive prompt attention. Note the address. Sole Agents for the district. Orders punctually attended to. Terms moderate. All goods of the best quality and at prices to suit the times. Inspection invited. A large and varied assortment always on hand. Country orders receive prompt attention. Note the address.
SAW MILL & CONTRACTORS' PLANT.
Sole Agents for the district. Orders punctually attended to. Terms moderate. All goods of the best quality and at prices to suit the times. Inspection invited. A large and varied assortment always on hand. Country orders receive prompt attention. Note the address. Sole Agents for the district. Orders punctually attended to. Terms moderate. All goods of the best quality and at prices to suit the times. Inspection invited. A large and varied assortment always on hand. Country orders receive prompt attention. Note the address.
COACHBUILDERS' SUNDRIES.
Sole Agents for the district. Orders punctually attended to. Terms moderate. All goods of the best quality and at prices to suit the times. Inspection invited. A large and varied assortment always on hand. Country orders receive prompt attention. Note the address. Sole Agents for the district. Orders punctually attended to. Terms moderate. All goods of the best quality and at prices to suit the times. Inspection invited. A large and varied assortment always on hand. Country orders receive prompt attention. Note the address.
ARMS AND AMMUNITION.
Sole Agents for the district. Orders punctually attended to. Terms moderate. All goods of the best quality and at prices to suit the times. Inspection invited. A large and varied assortment always on hand. Country orders receive prompt attention. Note the address. Sole Agents for the district. Orders punctually attended to. Terms moderate. All goods of the best quality and at prices to suit the times. Inspection invited. A large and varied assortment always on hand. Country orders receive prompt attention. Note the address.
JOHN DUTHIE & Co.,
50 and 52 WILLIS-STREET, WELLINGTON.
Sole Agents for the district. Orders punctually attended to. Terms moderate. All goods of the best quality and at prices to suit the times. Inspection invited. A large and varied assortment always on hand. Country orders receive prompt attention. Note the address. Sole Agents for the district. Orders punctually attended to. Terms moderate. All goods of the best quality and at prices to suit the times. Inspection invited. A large and varied assortment always on hand. Country orders receive prompt attention. Note the address.
R. BROWN & CO
Sole Agents for the district. Orders punctually attended to. Terms moderate. All goods of the best quality and at prices to suit the times. Inspection invited. A large and varied assortment always on hand. Country orders receive prompt attention. Note the address. Sole Agents for the district. Orders punctually attended to. Terms moderate. All goods of the best quality and at prices to suit the times. Inspection invited. A large and varied assortment always on hand. Country orders receive prompt attention. Note the address.
Mr A. KEISENBERG,
TEACHER OF MUSIC AND SINGING.
Sole Agents for the district. Orders punctually attended to. Terms moderate. All goods of the best quality and at prices to suit the times. Inspection invited. A large and varied assortment always on hand. Country orders receive prompt attention. Note the address. Sole Agents for the district. Orders punctually attended to. Terms moderate. All goods of the best quality and at prices to suit the times. Inspection invited. A large and varied assortment always on hand. Country orders receive prompt attention. Note the address.
NEW SEEDS, NEW SEEDS.
L. JONES, SEEDSMAN AND FRUITERER.
Sole Agents for the district. Orders punctually attended to. Terms moderate. All goods of the best quality and at prices to suit the times. Inspection invited. A large and varied assortment always on hand. Country orders receive prompt attention. Note the address. Sole Agents for the district. Orders punctually attended to. Terms moderate. All goods of the best quality and at prices to suit the times. Inspection invited. A large and varied assortment always on hand. Country orders receive prompt attention. Note the address.
THIS SPACE IS RESERVED FOR OUR LIST OF NEW GOODS IN SADDLERY.
Sole Agents for the district. Orders punctually attended to. Terms moderate. All goods of the best quality and at prices to suit the times. Inspection invited. A large and varied assortment always on hand. Country orders receive prompt attention. Note the address. Sole Agents for the district. Orders punctually attended to. Terms moderate. All goods of the best quality and at prices to suit the times. Inspection invited. A large and varied assortment always on hand. Country orders receive prompt attention. Note the address.
JAMES ELLIOT
PHOSPHORISED WHEAT FOR RABBIT EXTERMINATION.
Sole Agents for the district. Orders punctually attended to. Terms moderate. All goods of the best quality and at prices to suit the times. Inspection invited. A large and varied assortment always on hand. Country orders receive prompt attention. Note the address. Sole Agents for the district. Orders punctually attended to. Terms moderate. All goods of the best quality and at prices to suit the times. Inspection invited. A large and varied assortment always on hand. Country orders receive prompt attention. Note the address.
DRAPERS' WINDOW TICKETS
Sole Agents for the district. Orders punctually attended to. Terms moderate. All goods of the best quality and at prices to suit the times. Inspection invited. A large and varied assortment always on hand. Country orders receive prompt attention. Note the address. Sole Agents for the district. Orders punctually attended to. Terms moderate. All goods of the best quality and at prices to suit the times. Inspection invited. A large and varied assortment always on hand. Country orders receive prompt attention. Note the address.
Sole Agents for the district. Orders punctually attended to. Terms moderate. All goods of the best quality and at prices to suit the times. Inspection invited. A large and varied assortment always on hand. Country orders receive prompt attention. Note the address. Sole Agents for the district. Orders punctually attended to. Terms moderate. All goods of the best quality and at prices to suit the times. Inspection invited. A large and varied assortment always on hand. Country orders receive prompt attention. Note the address. Sole Agents for the district. Orders punctually attended to. Terms moderate. All goods of the best quality and at prices to suit the times. Inspection invited. A large and varied assortment always on hand. Country orders receive prompt attention. Note the address. Sole Agents for the district. Orders punctually attended to. Terms moderate. All goods of the best quality and at prices to suit the times. Inspection invited. A large and varied assortment always on hand. Country orders receive prompt attention. Note the address. Sole Agents for the district. Orders punctually attended to. Terms moderate. All goods of the best quality and at prices to suit the times. Inspection invited. A large and varied assortment always on hand. Country orders receive prompt attention. Note the address. Sole Agents for the district. Orders punctually attended to. Terms moderate. All goods of the best quality and at prices to suit the times. Inspection invited. A large and varied assortment always on hand. Country orders receive prompt attention. Note the address. Sole Agents for the district. Orders punctually attended to. Terms moderate. All goods of the best quality and at prices to suit the times. Inspection invited. A large and varied assortment always on hand. Country orders receive prompt attention. Note the address. Sole Agents for the district. Orders punctually attended to. Terms moderate. All goods of the best quality and at prices to suit the times. Inspection invited. A large and varied assortment always on hand. Country orders receive prompt attention. Note the address. Sole Agents for the district. Orders punctually attended to. Terms moderate. All goods of the best quality and at prices to suit the times. Inspection invited. A large and varied assortment always on hand. Country orders receive prompt attention. Note the address. Sole Agents for the district. Orders punctually attended to. Terms moderate. All goods of the best quality and at prices to suit the times. Inspection invited. A large and varied assortment always on hand. Country orders receive prompt attention. Note the address. Sole Agents for the district. Orders punctually attended to. Terms moderate. All goods of the best quality and at prices to suit the times. Inspection invited. A large and varied assortment always on hand. Country orders receive prompt attention. Note the address. Sole Agents for the district. Orders punctually attended to. Terms moderate. All goods of the best quality and at prices to suit the times. Inspection invited. A large and varied assortment always on hand. Country orders receive prompt attention. Note the address. Sole Agents for the district. Orders punctually attended to. Terms moderate. All goods of the best quality and at prices to suit the times. Inspection invited. A large and varied assortment always on hand. Country orders receive prompt attention. Note the address. Sole Agents for the district. Orders punctually attended to. Terms moderate. All goods of the best quality and at prices to suit the times. Inspection invited. A large and varied assortment always on hand. Country orders receive prompt attention. Note the address. Sole Agents for the district. Orders punctually attended to. Terms moderate. All goods of the best quality and at prices to suit the times. Inspection invited. A large and varied assortment always on hand. Country orders receive prompt attention. Note the address. Sole Agents for the district. Orders punctually attended to. Terms moderate. All goods of the best quality and at prices to suit the times. Inspection invited. A large and varied assortment always on hand. Country orders receive prompt attention. Note the address. Sole Agents for the district. Orders punctually attended to. Terms moderate. All goods of the best quality and at prices to suit the times. Inspection invited. A large and varied assortment always on hand. Country orders receive prompt attention. Note the address. Sole Agents for the district. Orders punctually attended to. Terms moderate. All goods of the best quality and at prices to suit the times. Inspection invited. A large and varied assortment always on hand. Country orders receive prompt attention. Note the address. Sole Agents for the district. Orders punctually attended to. Terms moderate. All goods of the best quality and at prices to suit the times. Inspection invited. A large and varied assortment always on hand. Country orders receive prompt attention. Note the address. Sole Agents for the district. Orders punctually attended to. Terms moderate. All goods of the best quality and at prices to suit the times. Inspection invited. A large and varied assortment always on hand. Country orders receive prompt attention. Note the address.
W. CATT,
HIGH STREET, CARTERTON. Confectionery of every description.
Sole Agents for the district. Orders punctually attended to. Terms moderate. All goods of the best quality and at prices to suit the times. Inspection invited. A large and varied assortment always on hand. Country orders receive prompt attention. Note the address. Sole Agents for the district. Orders punctually attended to. Terms moderate. All goods of the best quality and at prices to suit the times. Inspection invited. A large and varied assortment always on hand. Country orders receive prompt attention. Note the address.
S. BACON AND CO,
WAIPOUA MILLS. DRESSED TIMBER, SASHES, DOORS.
Sole Agents for the district. Orders punctually attended to. Terms moderate. All goods of the best quality and at prices to suit the times. Inspection invited. A large and varied assortment always on hand. Country orders receive prompt attention. Note the address. Sole Agents for the district. Orders punctually attended to. Terms moderate. All goods of the best quality and at prices to suit the times. Inspection invited. A large and varied assortment always on hand. Country orders receive prompt attention. Note the address.
WELLINGTON INDUSTRIAL EXHIBITION.
Sole Agents for the district. Orders punctually attended to. Terms moderate. All goods of the best quality and at prices to suit the times. Inspection invited. A large and varied assortment always on hand. Country orders receive prompt attention. Note the address. Sole Agents for the district. Orders punctually attended to. Terms moderate. All goods of the best quality and at prices to suit the times. Inspection invited. A large and varied assortment always on hand. Country orders receive prompt attention. Note the address.
GEO. HASKELL.
PAINTER, PAPERHANGER, & GENERAL House Decorator.
Sole Agents for the district. Orders punctually attended to. Terms moderate. All goods of the best quality and at prices to suit the times. Inspection invited. A large and varied assortment always on hand. Country orders receive prompt attention. Note the address. Sole Agents for the district. Orders punctually attended to. Terms moderate. All goods of the best quality and at prices to suit the times. Inspection invited. A large and varied assortment always on hand. Country orders receive prompt attention. Note the address.
FOR SALE—LAND IN DIXON'S ESTATE.
Sole Agents for the district. Orders punctually attended to. Terms moderate. All goods of the best quality and at prices to suit the times. Inspection invited. A large and varied assortment always on hand. Country orders receive prompt attention. Note the address. Sole Agents for the district. Orders punctually attended to. Terms moderate. All goods of the best quality and at prices to suit the times. Inspection invited. A large and varied assortment always on hand. Country orders receive prompt attention. Note the address.
E. BROWN & Co.
Wairarapa Furnishing Warehouse.
T. JAGO, CABINETMAKER, UPHOLSTERER & UNDERTAKER.
Sole Agents for the district. Orders punctually attended to. Terms moderate. All goods of the best quality and at prices to suit the times. Inspection invited. A large and varied assortment always on hand. Country orders receive prompt attention. Note the address. Sole Agents for the district. Orders punctually attended to. Terms moderate. All goods of the best quality and at prices to suit the times. Inspection invited. A large and varied assortment always on hand. Country orders receive prompt attention. Note the address.
THE CHEAPEST HOUSE IN THE WAIRARAPA.
LINOLEUMS.
Sole Agents for the district. Orders punctually attended to. Terms moderate. All goods of the best quality and at prices to suit the times. Inspection invited. A large and varied assortment always on hand. Country orders receive prompt attention. Note the address. Sole Agents for the district. Orders punctually attended to. Terms moderate. All goods of the best quality and at prices to suit the times. Inspection invited. A large and varied assortment always on hand. Country orders receive prompt attention. Note the address.
Eketahuna General Store,
TEMPERANCE HOTEL.
Sole Agents for the district. Orders punctually attended to. Terms moderate. All goods of the best quality and at prices to suit the times. Inspection invited. A large and varied assortment always on hand. Country orders receive prompt attention. Note the address. Sole Agents for the district. Orders punctually attended to. Terms moderate. All goods of the best quality and at prices to suit the times. Inspection invited. A large and varied assortment always on hand. Country orders receive prompt attention. Note the address.
CENTRAL SEED STORE
Sole Agents for the district. Orders punctually attended to. Terms moderate. All goods of the best quality and at prices to suit the times. Inspection invited. A large and varied assortment always on hand. Country orders receive prompt attention. Note the address. Sole Agents for the district. Orders punctually attended to. Terms moderate. All goods of the best quality and at prices to suit the times. Inspection invited. A large and varied assortment always on hand. Country orders receive prompt attention. Note the address.
F. COOPER,
WHOLESALE & RETAIL SEEDSMAN & FLORIST.
Sole Agents for the district. Orders punctually attended to. Terms moderate. All goods of the best quality and at prices to suit the times. Inspection invited. A large and varied assortment always on hand. Country orders receive prompt attention. Note the address. Sole Agents for the district. Orders punctually attended to. Terms moderate. All goods of the best quality and at prices to suit the times. Inspection invited. A large and varied assortment always on hand. Country orders receive prompt attention. Note the address.
WILLIAM T. PEACOCK,
BUILDER AND CONTRACTOR, MASTERTON.
Sole Agents for the district. Orders punctually attended to. Terms moderate. All goods of the best quality and at prices to suit the times. Inspection invited. A large and varied assortment always on hand. Country orders receive prompt attention. Note the address. Sole Agents for the district. Orders punctually attended to. Terms moderate. All goods of the best quality and at prices to suit the times. Inspection invited. A large and varied assortment always on hand. Country orders receive prompt attention. Note the address.
G. DUNCAN & SON,
Sole Agents for the district. Orders punctually attended to. Terms moderate. All goods of the best quality and at prices to suit the times. Inspection invited. A large and varied assortment always on hand. Country orders receive prompt attention. Note the address. Sole Agents for the district. Orders punctually attended to. Terms moderate. All goods of the best quality and at prices to suit the times. Inspection invited. A large and varied assortment always on hand. Country orders receive prompt attention. Note the address.
J. PETERS,
BOOT & SHOEMAKER.
Sole Agents for the district. Orders punctually attended to. Terms moderate. All goods of the best quality and at prices to suit the times. Inspection invited. A large and varied assortment always on hand. Country orders receive prompt attention. Note the address. Sole Agents for the district. Orders punctually attended to. Terms moderate. All goods of the best quality and at prices to suit the times. Inspection invited. A large and varied assortment always on hand. Country orders receive prompt attention. Note the address.
J. H. ANGOVE,
FARRIER, GENERAL SMITH, AND AGRICULTURAL IMPLEMENT MAKER.
Sole Agents for the district. Orders punctually attended to. Terms moderate. All goods of the best quality and at prices to suit the times. Inspection invited. A large and varied assortment always on hand. Country orders receive prompt attention. Note the address. Sole Agents for the district. Orders punctually attended to. Terms moderate. All goods of the best quality and at prices to suit the times. Inspection invited. A large and varied assortment always on hand. Country orders receive prompt attention. Note the address.
J. & C. HERBERT,
BUTCHERS, MASTERTON AND OPAKI.
Sole Agents for the district. Orders punctually attended to. Terms moderate. All goods of the best quality and at prices to suit the times. Inspection invited. A large and varied assortment always on hand. Country orders receive prompt attention. Note the address. Sole Agents for the district. Orders punctually attended to. Terms moderate. All goods of the best quality and at prices to suit the times. Inspection invited. A large and varied assortment always on hand. Country orders receive prompt attention. Note the address.
Sole Agents for the district. Orders punctually attended to. Terms moderate. All goods of the best quality and at prices to suit the times. Inspection invited. A large and varied assortment always on hand. Country orders receive prompt attention. Note the address. Sole Agents for the district. Orders punctually attended to. Terms moderate. All goods of the best quality and at prices to suit the times. Inspection invited. A large and varied assortment always on hand. Country orders receive prompt attention. Note the address. Sole Agents for the district. Orders punctually attended to. Terms moderate. All goods of the best quality and at prices to suit the times. Inspection invited. A large and varied assortment always on hand. Country orders receive prompt attention. Note the address. Sole Agents for the district. Orders punctually attended to. Terms moderate. All goods of the best quality and at prices to suit the times. Inspection invited. A large and varied assortment always on hand. Country orders receive prompt attention. Note the address. Sole Agents for the district. Orders punctually attended to. Terms moderate. All goods of the best quality and at prices to suit the times. Inspection invited. A large and varied assortment always on hand. Country orders receive prompt attention. Note the address. Sole Agents for the district. Orders punctually attended to. Terms moderate. All goods of the best quality and at prices to suit the times. Inspection invited. A large and varied assortment always on hand. Country orders receive prompt attention. Note the address. Sole Agents for the district. Orders punctually attended to. Terms moderate. All goods of the best quality and at prices to suit the times. Inspection invited. A large and varied assortment always on hand. Country orders receive prompt attention. Note the address. Sole Agents for the district. Orders punctually attended to. Terms moderate. All goods of the best quality and at prices to suit the times. Inspection invited. A large and varied assortment always on hand. Country orders receive prompt attention. Note the address. Sole Agents for the district. Orders punctually attended to. Terms moderate. All goods of the best quality and at prices to suit the times. Inspection invited. A large and varied assortment always on hand. Country orders receive prompt attention. Note the address. Sole Agents for the district. Orders punctually attended to. Terms moderate. All goods of the best quality and at prices to suit the times. Inspection invited. A large and varied assortment always on hand. Country orders receive prompt attention. Note the address. Sole Agents for the district. Orders punctually attended to. Terms moderate. All goods of the best quality and at prices to suit the times. Inspection invited. A large and varied assortment always on hand. Country orders receive prompt attention. Note the address. Sole Agents for the district. Orders punctually attended to. Terms moderate. All goods of the best quality and at prices to suit the times. Inspection invited. A large and varied assortment always on hand. Country orders receive prompt attention. Note the address. Sole Agents for the district. Orders punctually attended to. Terms moderate. All goods of the best quality and at prices to suit the times. Inspection invited. A large and varied assortment always on hand. Country orders receive prompt attention. Note the address. Sole Agents for the district. Orders punctually attended to. Terms moderate. All goods of the best quality and at prices to suit the times. Inspection invited. A large and varied assortment always on hand. Country orders receive prompt attention. Note the address. Sole Agents for the district. Orders punctually attended to. Terms moderate. All goods of the best quality and at prices to suit the times. Inspection invited. A large and varied assortment always on hand. Country orders receive prompt attention. Note the address. Sole Agents for the district. Orders punctually attended to. Terms moderate. All goods of the best quality and at prices to suit the times. Inspection invited. A large and varied assortment always on hand. Country orders receive prompt attention. Note the address. Sole Agents for the district. Orders punctually attended to. Terms moderate. All goods of the best quality and at prices to suit the times. Inspection invited. A large and varied assortment always on hand. Country orders receive prompt attention. Note the address. Sole Agents for the district. Orders punctually attended to. Terms moderate. All goods of the best quality and at prices to suit the times. Inspection invited. A large and varied assortment always on hand. Country orders receive prompt attention. Note the address. Sole Agents for the district. Orders punctually attended to. Terms moderate. All goods of the best quality and at prices to suit the times. Inspection invited. A large and varied assortment always on hand. Country orders receive prompt attention. Note the address. Sole Agents for the district. Orders punctually attended to. Terms moderate. All goods of the best quality and at prices to suit the times. Inspection invited. A large and varied assortment always on hand. Country orders receive prompt attention. Note the address.
